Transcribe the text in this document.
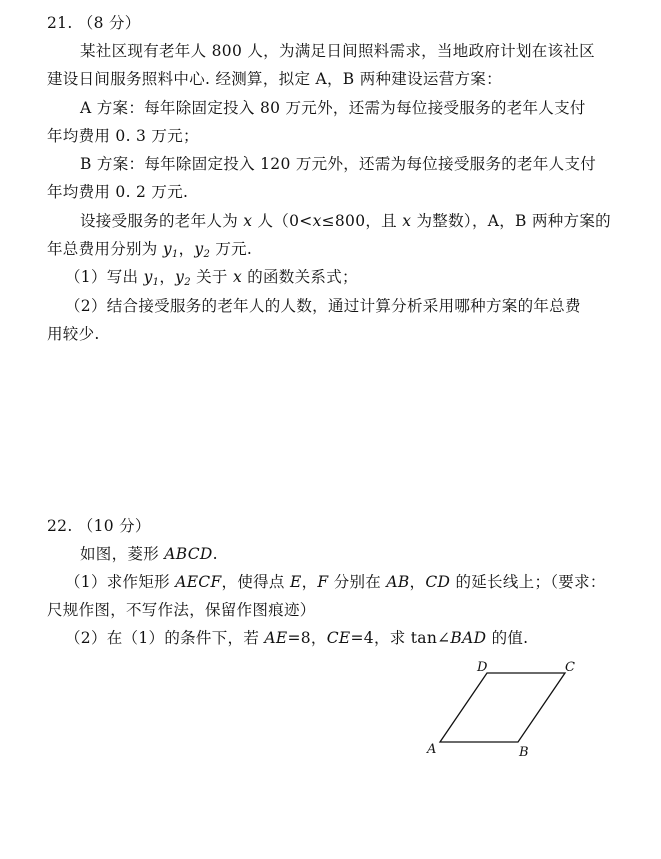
21. （8 分）
某社区现有老年人 800 人，为满足日间照料需求，当地政府计划在该社区
建设日间服务照料中心. 经测算，拟定 A，B 两种建设运营方案：
A 方案：每年除固定投入 80 万元外，还需为每位接受服务的老年人支付
年均费用 0. 3 万元；
B 方案：每年除固定投入 120 万元外，还需为每位接受服务的老年人支付
年均费用 0. 2 万元.
设接受服务的老年人为 x 人（0<x≤800，且 x 为整数），A，B 两种方案的
年总费用分别为 $y_1$，$y_2$ 万元.
（1）写出 $y_1$，$y_2$ 关于 x 的函数关系式；
（2）结合接受服务的老年人的人数，通过计算分析采用哪种方案的年总费
用较少.
22. （10 分）
如图，菱形 ABCD.
（1）求作矩形 AECF，使得点 E，F 分别在 AB，CD 的延长线上；（要求：
尺规作图，不写作法，保留作图痕迹）
（2）在（1）的条件下，若 AE=8，CE=4，求 tan∠BAD 的值.
A	B
C
D
